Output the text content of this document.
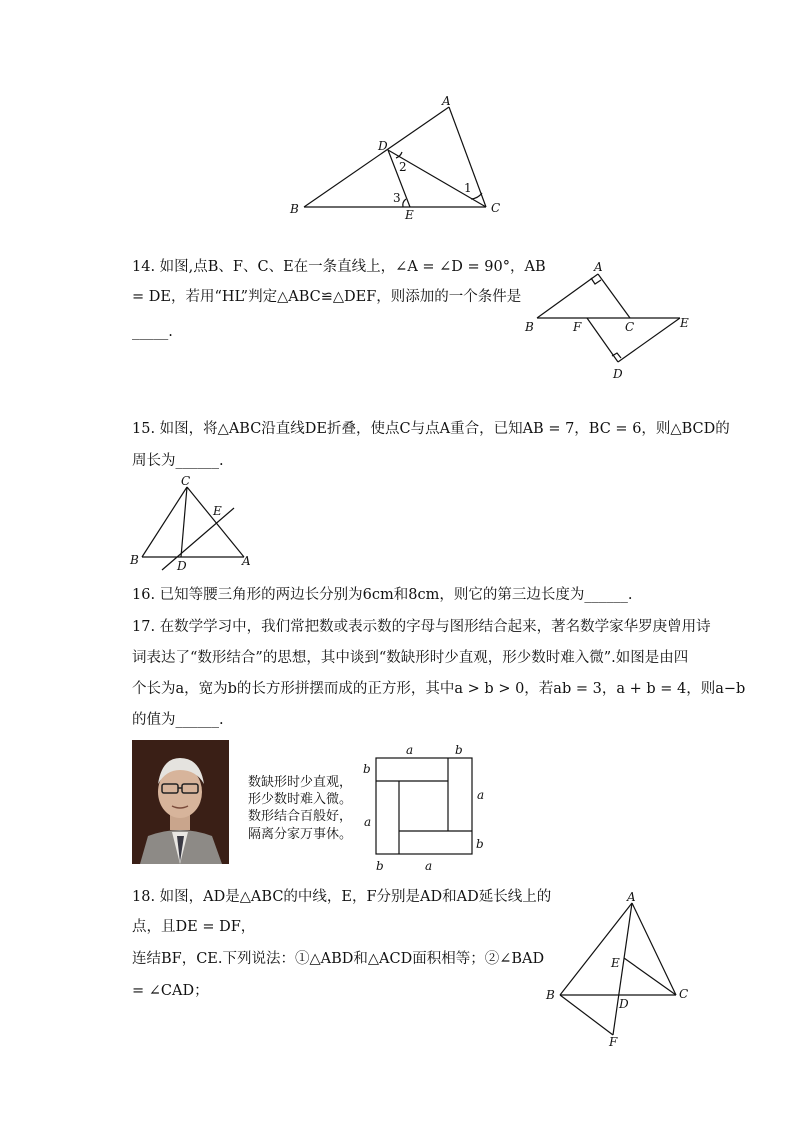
A
D
B	C
E
1
2
3
14. 如图,点B、F、C、E在一条直线上，∠A = ∠D = 90°，AB
= DE，若用“HL”判定△ABC≌△DEF，则添加的一个条件是
_____.
A
B	F	C	E
D
15. 如图，将△ABC沿直线DE折叠，使点C与点A重合，已知AB = 7，BC = 6，则△BCD的
周长为______.
C
E
B	D	A
16. 已知等腰三角形的两边长分别为6cm和8cm，则它的第三边长度为______.
17. 在数学学习中，我们常把数或表示数的字母与图形结合起来，著名数学家华罗庚曾用诗
词表达了“数形结合”的思想，其中谈到“数缺形时少直观，形少数时难入微”.如图是由四
个长为a，宽为b的长方形拼摆而成的正方形，其中a > b > 0，若ab = 3，a + b = 4，则a−b
的值为______.
数缺形时少直观，
形少数时难入微。
数形结合百般好，
隔离分家万事休。
a	b
b
a
a
b
b	a
18. 如图，AD是△ABC的中线，E，F分别是AD和AD延长线上的
点，且DE = DF，
连结BF，CE.下列说法：①△ABD和△ACD面积相等；②∠BAD
= ∠CAD；
A
E
B
D
C
F
